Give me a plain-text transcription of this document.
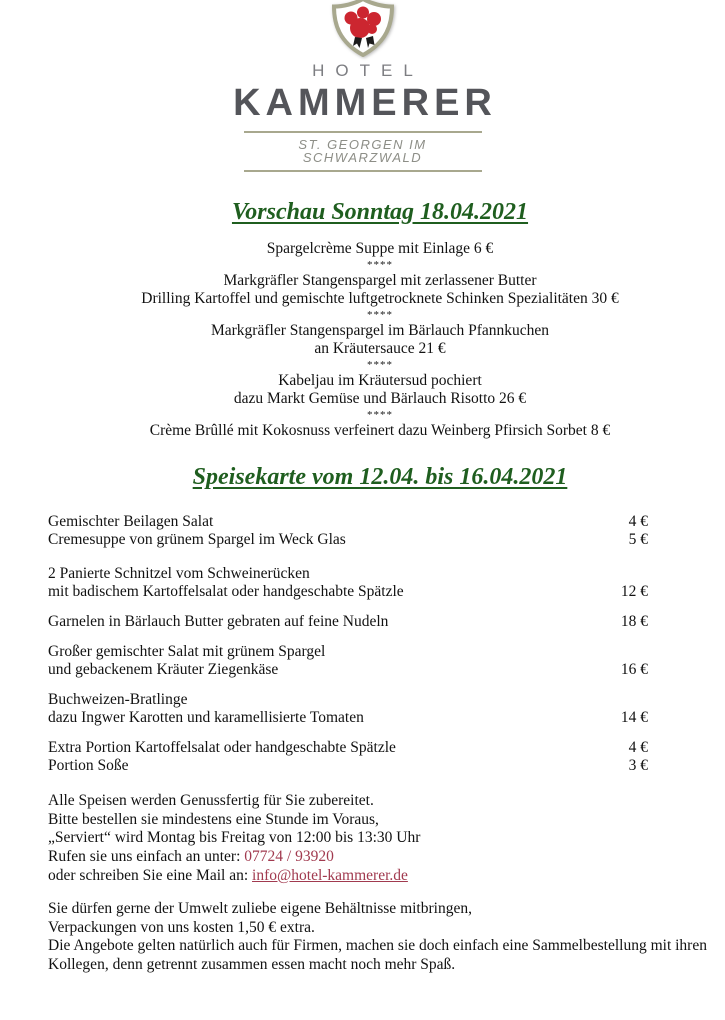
HOTEL
KAMMERER
ST. GEORGEN IM SCHWARZWALD
Vorschau Sonntag 18.04.2021
Spargelcrème Suppe mit Einlage 6 €
****
Markgräfler Stangenspargel mit zerlassener Butter
Drilling Kartoffel und gemischte luftgetrocknete Schinken Spezialitäten 30 €
****
Markgräfler Stangenspargel im Bärlauch Pfannkuchen
an Kräutersauce 21 €
****
Kabeljau im Kräutersud pochiert
dazu Markt Gemüse und Bärlauch Risotto 26 €
****
Crème Brûllé mit Kokosnuss verfeinert dazu Weinberg Pfirsich Sorbet 8 €
Speisekarte vom 12.04. bis 16.04.2021
Gemischter Beilagen Salat	4 €
Cremesuppe von grünem Spargel im Weck Glas	5 €
2 Panierte Schnitzel vom Schweinerücken
mit badischem Kartoffelsalat oder handgeschabte Spätzle	12 €
Garnelen in Bärlauch Butter gebraten auf feine Nudeln	18 €
Großer gemischter Salat mit grünem Spargel
und gebackenem Kräuter Ziegenkäse	16 €
Buchweizen-Bratlinge
dazu Ingwer Karotten und karamellisierte Tomaten	14 €
Extra Portion Kartoffelsalat oder handgeschabte Spätzle	4 €
Portion Soße	3 €
Alle Speisen werden Genussfertig für Sie zubereitet.
Bitte bestellen sie mindestens eine Stunde im Voraus,
„Serviert“ wird Montag bis Freitag von 12:00 bis 13:30 Uhr
Rufen sie uns einfach an unter: 07724 / 93920
oder schreiben Sie eine Mail an: info@hotel-kammerer.de
Sie dürfen gerne der Umwelt zuliebe eigene Behältnisse mitbringen,
Verpackungen von uns kosten 1,50 € extra.
Die Angebote gelten natürlich auch für Firmen, machen sie doch einfach eine Sammelbestellung mit ihren
Kollegen, denn getrennt zusammen essen macht noch mehr Spaß.
